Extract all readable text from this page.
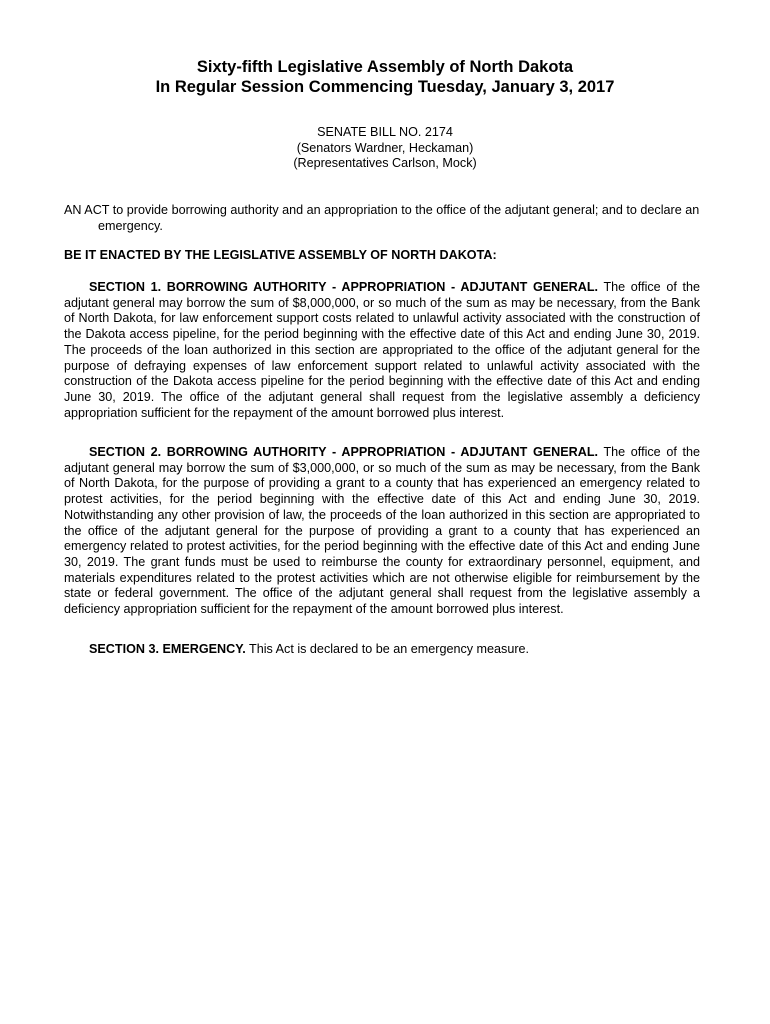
Sixty-fifth Legislative Assembly of North Dakota
In Regular Session Commencing Tuesday, January 3, 2017
SENATE BILL NO. 2174
(Senators Wardner, Heckaman)
(Representatives Carlson, Mock)
AN ACT to provide borrowing authority and an appropriation to the office of the adjutant general; and to declare an emergency.
BE IT ENACTED BY THE LEGISLATIVE ASSEMBLY OF NORTH DAKOTA:
SECTION 1. BORROWING AUTHORITY - APPROPRIATION - ADJUTANT GENERAL. The office of the adjutant general may borrow the sum of $8,000,000, or so much of the sum as may be necessary, from the Bank of North Dakota, for law enforcement support costs related to unlawful activity associated with the construction of the Dakota access pipeline, for the period beginning with the effective date of this Act and ending June 30, 2019. The proceeds of the loan authorized in this section are appropriated to the office of the adjutant general for the purpose of defraying expenses of law enforcement support related to unlawful activity associated with the construction of the Dakota access pipeline for the period beginning with the effective date of this Act and ending June 30, 2019. The office of the adjutant general shall request from the legislative assembly a deficiency appropriation sufficient for the repayment of the amount borrowed plus interest.
SECTION 2. BORROWING AUTHORITY - APPROPRIATION - ADJUTANT GENERAL. The office of the adjutant general may borrow the sum of $3,000,000, or so much of the sum as may be necessary, from the Bank of North Dakota, for the purpose of providing a grant to a county that has experienced an emergency related to protest activities, for the period beginning with the effective date of this Act and ending June 30, 2019. Notwithstanding any other provision of law, the proceeds of the loan authorized in this section are appropriated to the office of the adjutant general for the purpose of providing a grant to a county that has experienced an emergency related to protest activities, for the period beginning with the effective date of this Act and ending June 30, 2019. The grant funds must be used to reimburse the county for extraordinary personnel, equipment, and materials expenditures related to the protest activities which are not otherwise eligible for reimbursement by the state or federal government. The office of the adjutant general shall request from the legislative assembly a deficiency appropriation sufficient for the repayment of the amount borrowed plus interest.
SECTION 3. EMERGENCY. This Act is declared to be an emergency measure.
